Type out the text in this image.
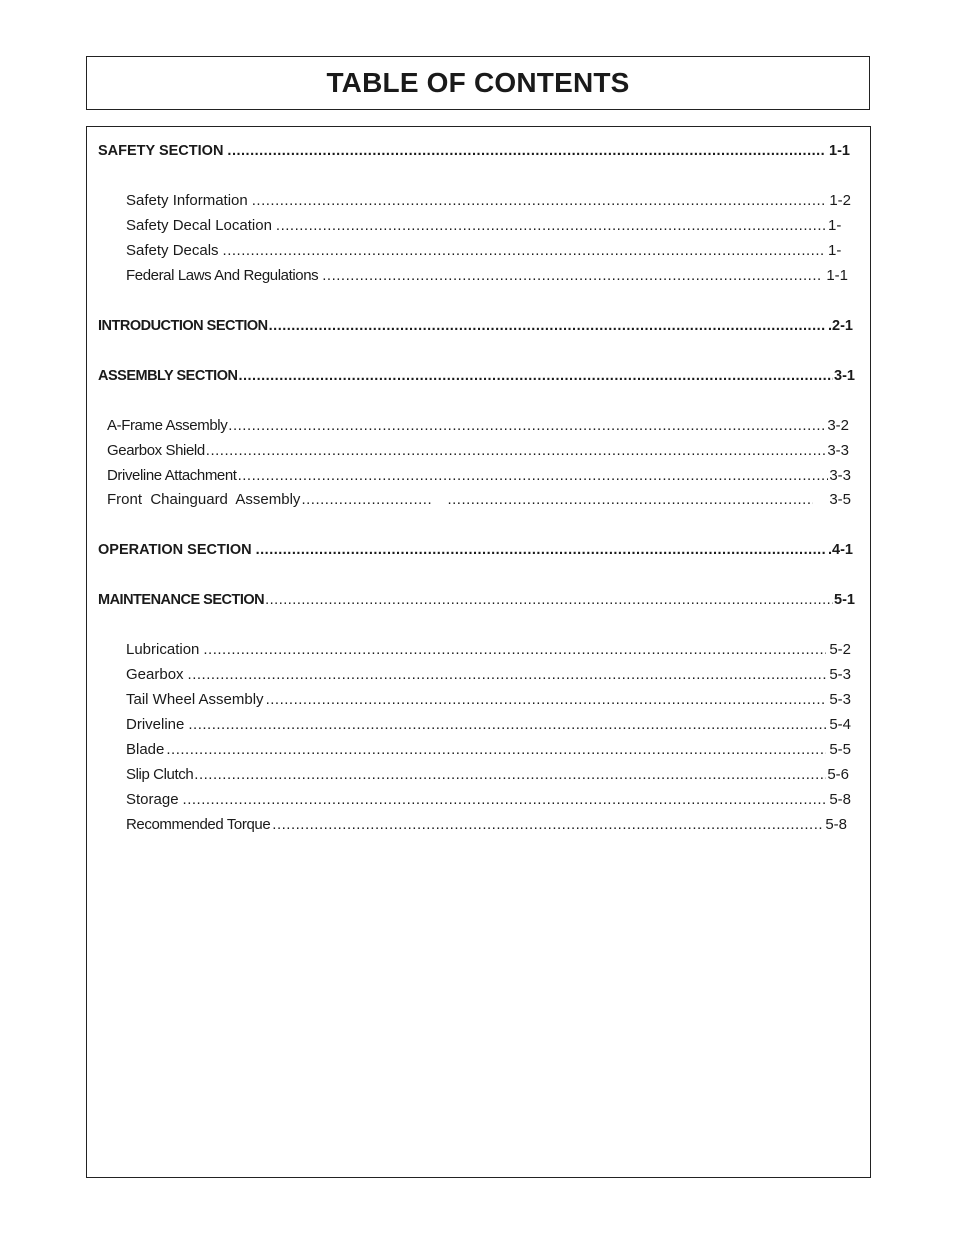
TABLE OF CONTENTS
SAFETY SECTION .....	1-1
Safety Information .....	1-2
Safety Decal Location .....	1-
Safety Decals .....	1-
Federal Laws And Regulations .....	1-1
INTRODUCTION SECTION .....	.2-1
ASSEMBLY SECTION .....	3-1
A-Frame Assembly .....	3-2
Gearbox Shield .....	3-3
Driveline Attachment .....	3-3
Front  Chainguard  Assembly ..... .....	3-5
OPERATION SECTION .....	.4-1
MAINTENANCE SECTION .....	5-1
Lubrication .....	5-2
Gearbox .....	5-3
Tail Wheel Assembly .....	5-3
Driveline .....	5-4
Blade .....	5-5
Slip Clutch .....	5-6
Storage .....	5-8
Recommended Torque .....	5-8
